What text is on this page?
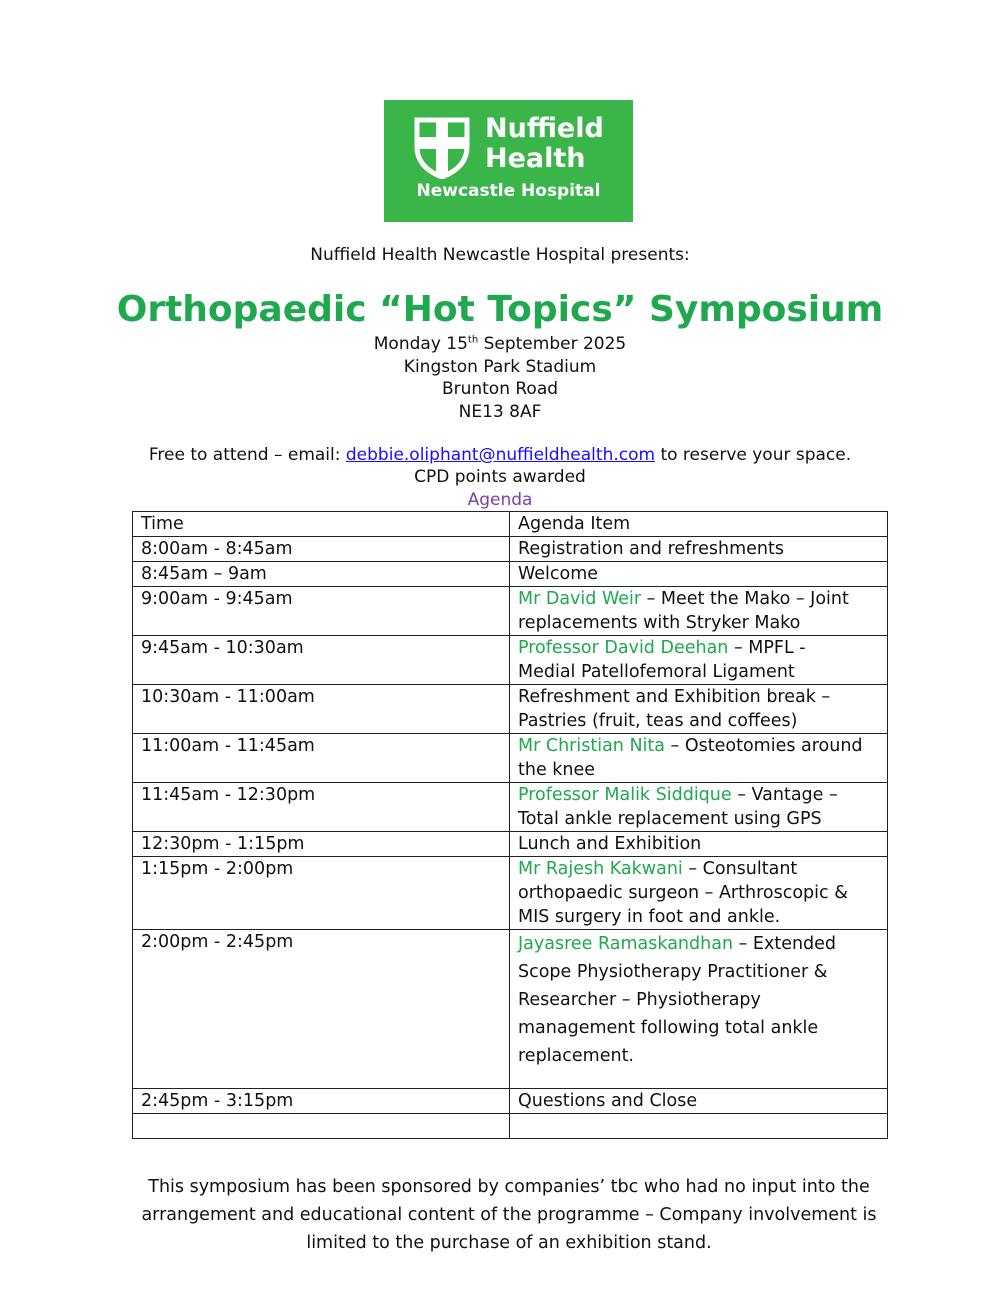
Nuffield
Health
Newcastle Hospital
Nuffield Health Newcastle Hospital presents:
Orthopaedic “Hot Topics” Symposium
Monday 15th September 2025
Kingston Park Stadium
Brunton Road
NE13 8AF
Free to attend – email: debbie.oliphant@nuffieldhealth.com to reserve your space.
CPD points awarded
Agenda
Time	Agenda Item
8:00am - 8:45am	Registration and refreshments

8:45am – 9am	Welcome

9:00am - 9:45am	Mr David Weir – Meet the Mako – Joint
replacements with Stryker Mako

9:45am - 10:30am	Professor David Deehan – MPFL -
Medial Patellofemoral Ligament

10:30am - 11:00am	Refreshment and Exhibition break –
Pastries (fruit, teas and coffees)

11:00am - 11:45am	Mr Christian Nita – Osteotomies around
the knee

11:45am - 12:30pm	Professor Malik Siddique – Vantage –
Total ankle replacement using GPS

12:30pm - 1:15pm	Lunch and Exhibition

1:15pm - 2:00pm	Mr Rajesh Kakwani – Consultant
orthopaedic surgeon – Arthroscopic &
MIS surgery in foot and ankle.

2:00pm - 2:45pm	Jayasree Ramaskandhan – Extended
Scope Physiotherapy Practitioner &
Researcher – Physiotherapy
management following total ankle
replacement.

2:45pm - 3:15pm	Questions and Close

This symposium has been sponsored by companies’ tbc who had no input into the
arrangement and educational content of the programme – Company involvement is
limited to the purchase of an exhibition stand.
